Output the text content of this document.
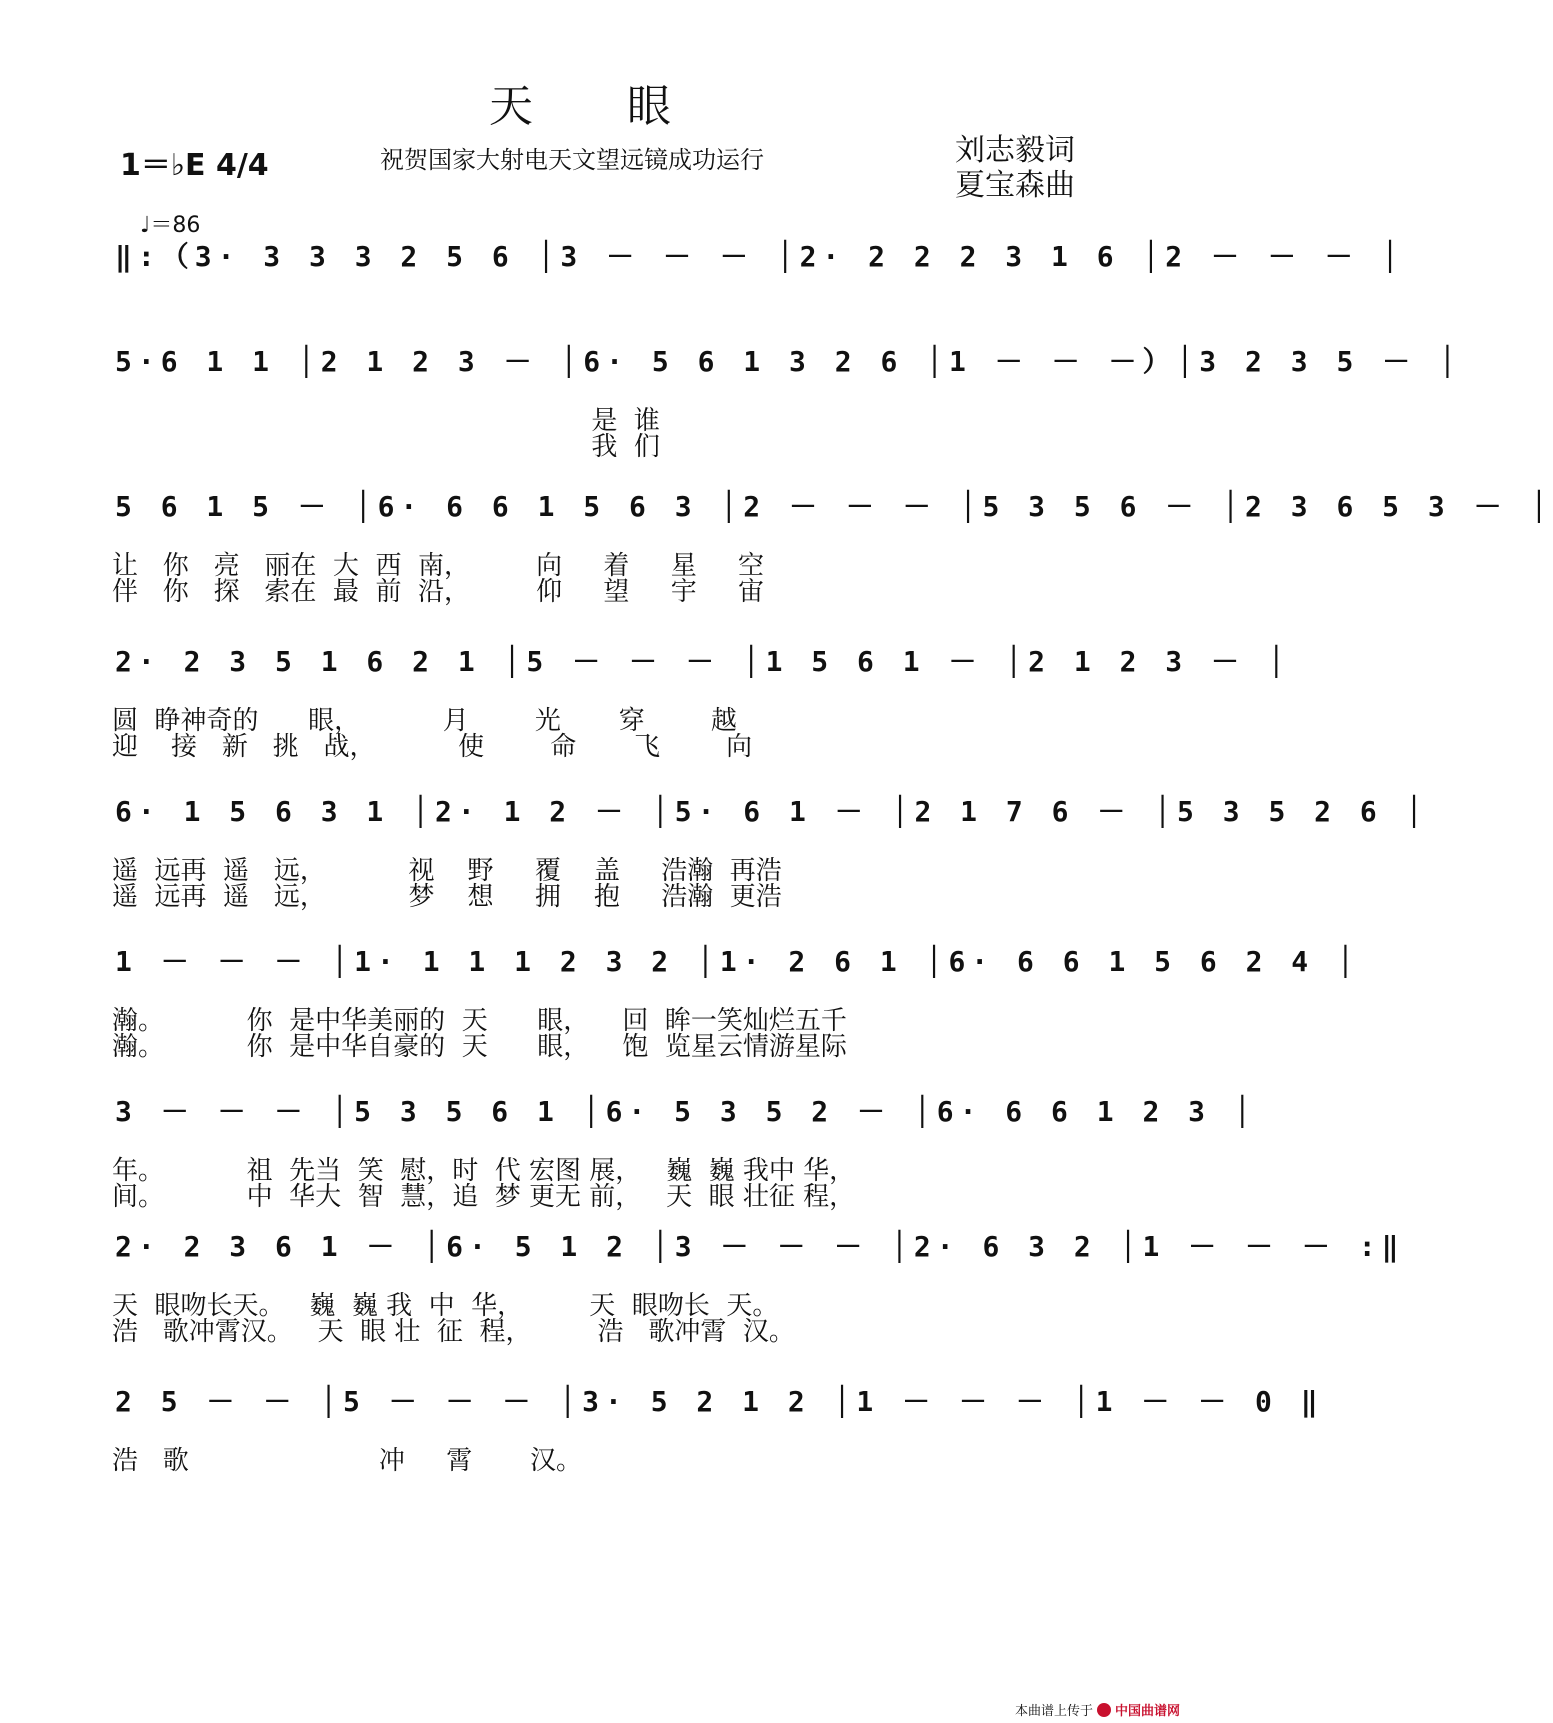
天 眼
1＝♭E 4/4	祝贺国家大射电天文望远镜成功运行	刘志毅词
夏宝森曲
♩＝86
‖:（3· 3 3 3 2 5 6 │3 － － － │2· 2 2 2 3 1 6 │2 － － － │
5·6 1 1 │2 1 2 3 － │6· 5 6 1 3 2 6 │1 － － －）│3 2 3 5 － │
是  谁
我  们
5 6 1 5 － │6· 6 6 1 5 6 3 │2 － － － │5 3 5 6 － │2 3 6 5 3 － │
让   你   亮   丽在  大  西  南，        向     着     星     空
伴   你   探   索在  最  前  沿，        仰     望     宇     宙
2· 2 3 5 1 6 2 1 │5 － － － │1 5 6 1 － │2 1 2 3 － │
圆  睁神奇的      眼，          月        光       穿        越
迎    接   新   挑   战，          使        命       飞        向
6· 1 5 6 3 1 │2· 1 2 － │5· 6 1 － │2 1 7 6 － │5 3 5 2 6 │
遥  远再  遥   远，          视    野     覆    盖     浩瀚  再浩
遥  远再  遥   远，          梦    想     拥    抱     浩瀚  更浩
1 － － － │1· 1 1 1 2 3 2 │1· 2 6 1 │6· 6 6 1 5 6 2 4 │
瀚。          你  是中华美丽的  天      眼，    回  眸一笑灿烂五千
瀚。          你  是中华自豪的  天      眼，    饱  览星云情游星际
3 － － － │5 3 5 6 1 │6· 5 3 5 2 － │6· 6 6 1 2 3 │
年。          祖  先当  笑  慰，时  代 宏图 展，   巍  巍 我中 华，
间。          中  华大  智  慧，追  梦 更无 前，   天  眼 壮征 程，
2· 2 3 6 1 － │6· 5 1 2 │3 － － － │2· 6 3 2 │1 － － － :‖
天  眼吻长天。   巍  巍 我  中  华，        天  眼吻长  天。
浩   歌冲霄汉。   天  眼 壮  征  程，        浩   歌冲霄  汉。
2 5 － － │5 － － － │3· 5 2 1 2 │1 － － － │1 － － 0 ‖
浩   歌                       冲     霄       汉。
本曲谱上传于 中国曲谱网
